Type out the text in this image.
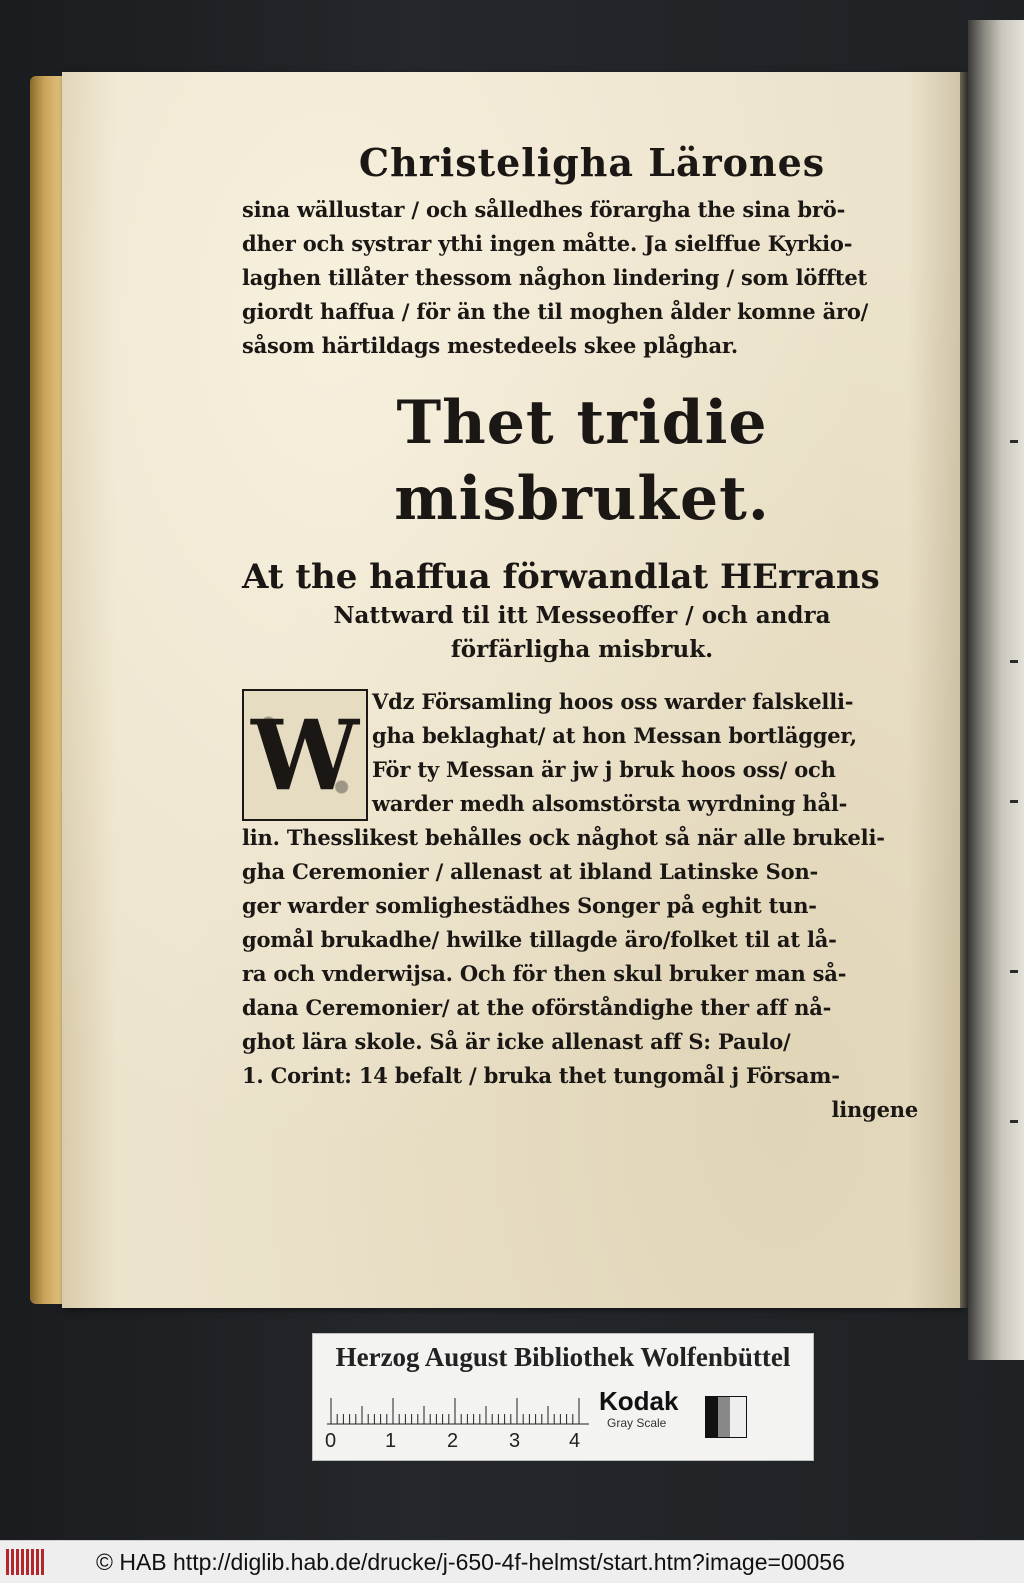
Christeligha Lärones
sina wällustar / och sålledhes förargha the sina brö-
dher och systrar ythi ingen måtte. Ja sielffue Kyrkio-
laghen tillåter thessom någhon lindering / som löfftet
giordt haffua / för än the til moghen ålder komne äro/
såsom härtildags mestedeels skee plåghar.
Thet tridie misbruket.
At the haffua förwandlat HErrans
Nattward til itt Messeoffer / och andra
förfärligha misbruk.
W Vdz Församling hoos oss warder falskelli-
gha beklaghat/ at hon Messan bortlägger,
För ty Messan är jw j bruk hoos oss/ och
warder medh alsomstörsta wyrdning hål-
lin. Thesslikest behålles ock någhot så när alle brukeli-
gha Ceremonier / allenast at ibland Latinske Son-
ger warder somlighestädhes Songer på eghit tun-
gomål brukadhe/ hwilke tillagde äro/folket til at lå-
ra och vnderwijsa. Och för then skul bruker man så-
dana Ceremonier/ at the oförståndighe ther aff nå-
ghot lära skole. Så är icke allenast aff S: Paulo/
1. Corint: 14 befalt / bruka thet tungomål j Försam-
lingene
Herzog August Bibliothek Wolfenbüttel
0 1	2	3 4
Kodak
Gray Scale
© HAB http://diglib.hab.de/drucke/j-650-4f-helmst/start.htm?image=00056
